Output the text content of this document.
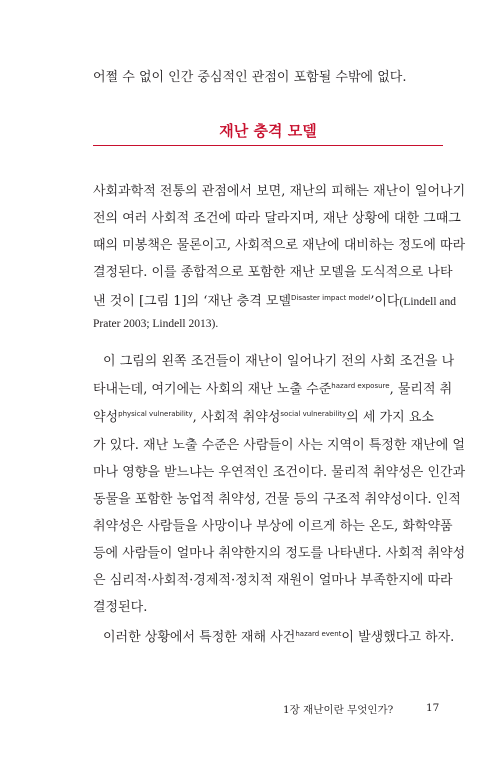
어쩔 수 없이 인간 중심적인 관점이 포함될 수밖에 없다.
재난 충격 모델
사회과학적 전통의 관점에서 보면, 재난의 피해는 재난이 일어나기
전의 여러 사회적 조건에 따라 달라지며, 재난 상황에 대한 그때그
때의 미봉책은 물론이고, 사회적으로 재난에 대비하는 정도에 따라
결정된다. 이를 종합적으로 포함한 재난 모델을 도식적으로 나타
낸 것이 [그림 1]의 ‘재난 충격 모델$^{Disaster impact model}$’이다(Lindell and
Prater 2003; Lindell 2013).
이 그림의 왼쪽 조건들이 재난이 일어나기 전의 사회 조건을 나
타내는데, 여기에는 사회의 재난 노출 수준$^{hazard exposure}$, 물리적 취
약성$^{physical vulnerability}$, 사회적 취약성$^{social vulnerability}$의 세 가지 요소
가 있다. 재난 노출 수준은 사람들이 사는 지역이 특정한 재난에 얼
마나 영향을 받느냐는 우연적인 조건이다. 물리적 취약성은 인간과
동물을 포함한 농업적 취약성, 건물 등의 구조적 취약성이다. 인적
취약성은 사람들을 사망이나 부상에 이르게 하는 온도, 화학약품
등에 사람들이 얼마나 취약한지의 정도를 나타낸다. 사회적 취약성
은 심리적·사회적·경제적·정치적 재원이 얼마나 부족한지에 따라
결정된다.
이러한 상황에서 특정한 재해 사건$^{hazard event}$이 발생했다고 하자.
1장 재난이란 무엇인가?	17
